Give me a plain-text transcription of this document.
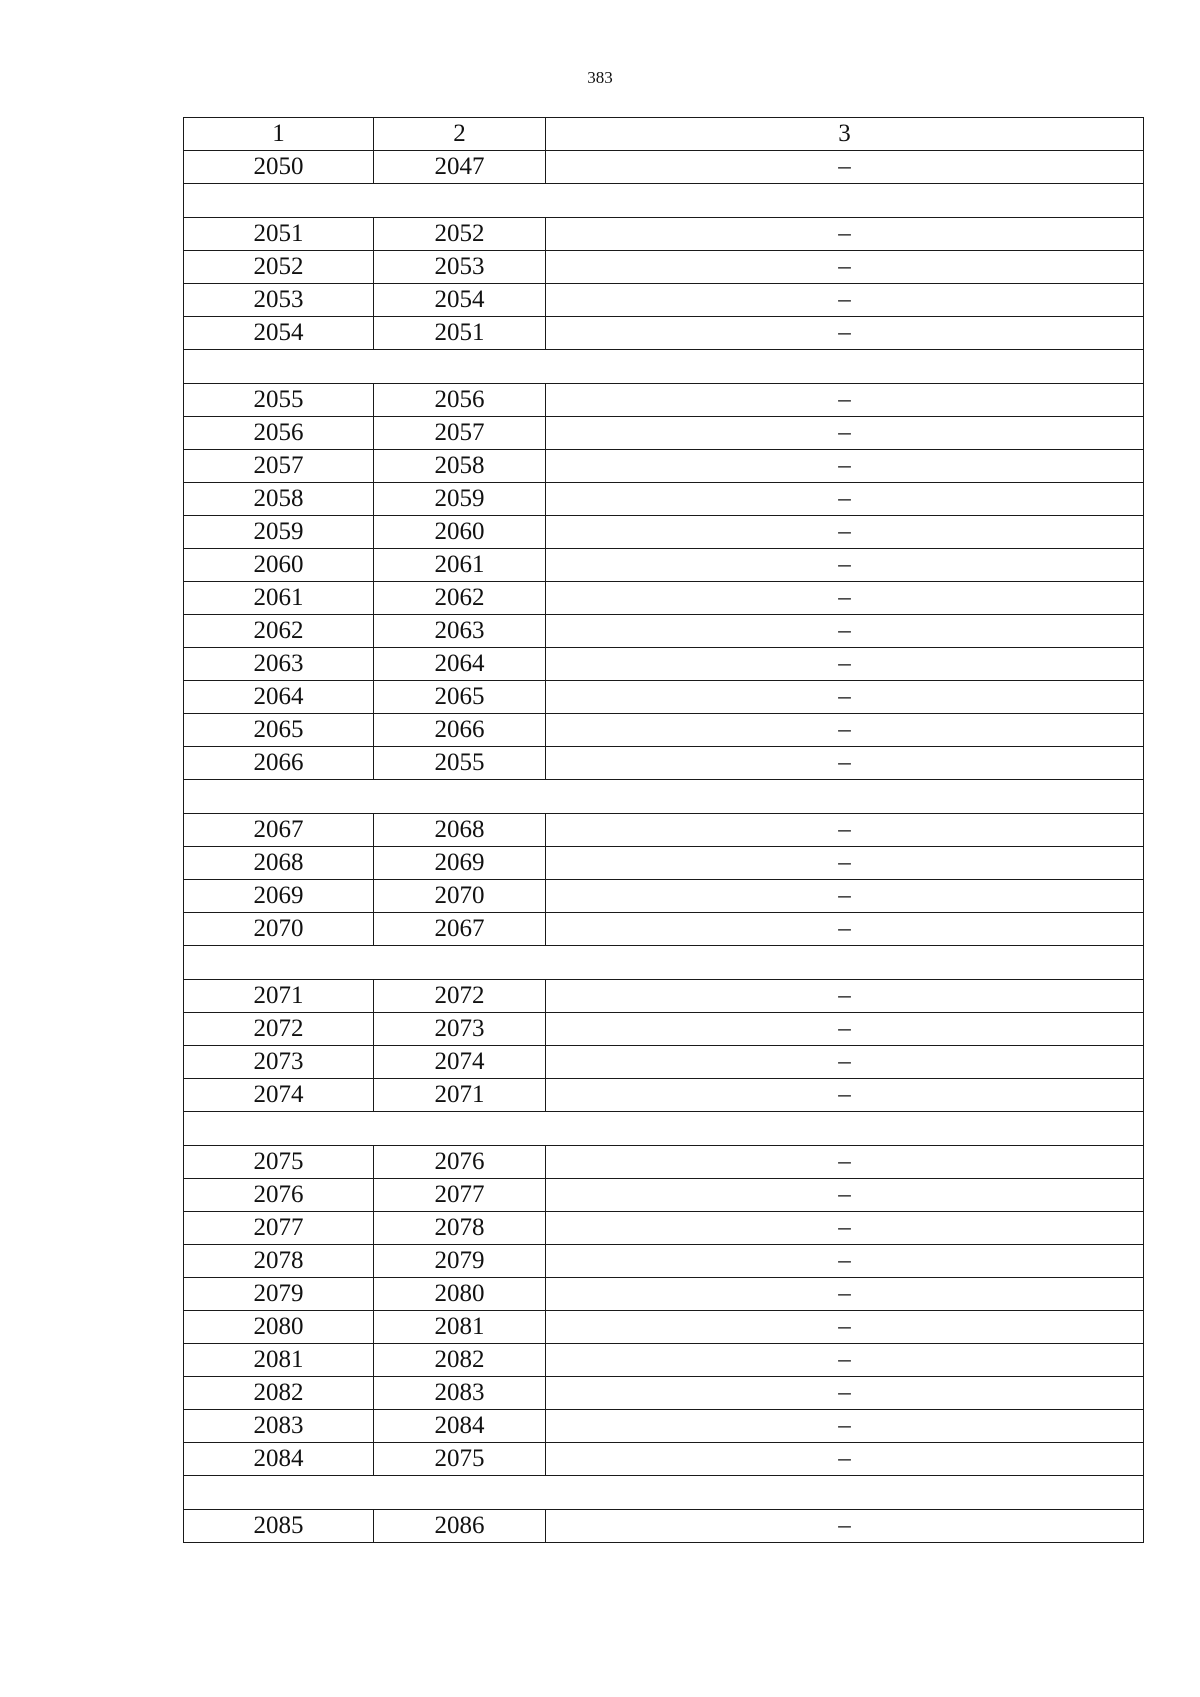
383
1	2	3
2050	2047	–

2051	2052	–
2052	2053	–
2053	2054	–
2054	2051	–

2055	2056	–
2056	2057	–
2057	2058	–
2058	2059	–
2059	2060	–
2060	2061	–
2061	2062	–
2062	2063	–
2063	2064	–
2064	2065	–
2065	2066	–
2066	2055	–

2067	2068	–
2068	2069	–
2069	2070	–
2070	2067	–

2071	2072	–
2072	2073	–
2073	2074	–
2074	2071	–

2075	2076	–
2076	2077	–
2077	2078	–
2078	2079	–
2079	2080	–
2080	2081	–
2081	2082	–
2082	2083	–
2083	2084	–
2084	2075	–

2085	2086	–
